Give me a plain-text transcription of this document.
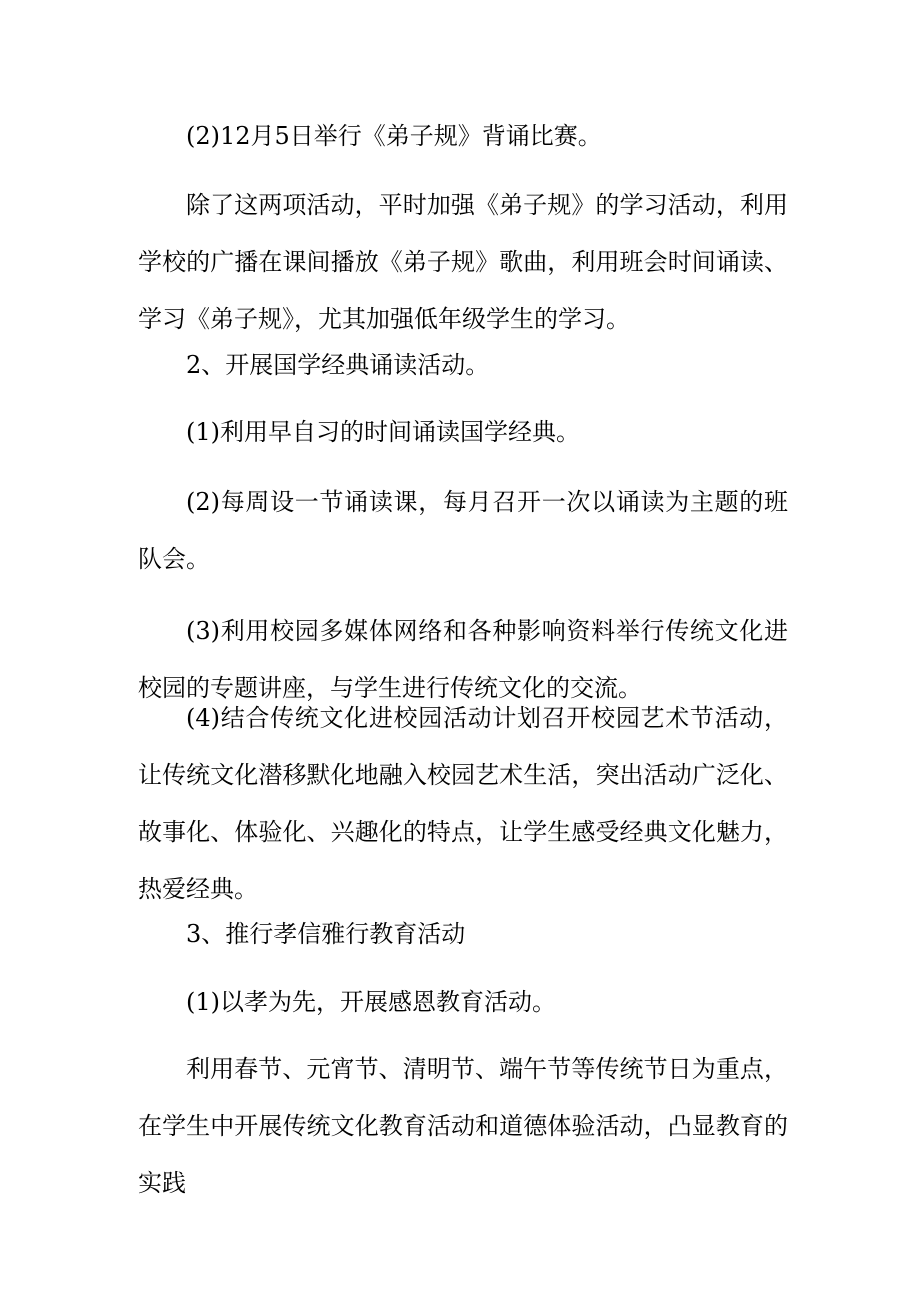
(2)12月5日举行《弟子规》背诵比赛。

除了这两项活动，平时加强《弟子规》的学习活动，利用学校的广播在课间播放《弟子规》歌曲，利用班会时间诵读、学习《弟子规》，尤其加强低年级学生的学习。

2、开展国学经典诵读活动。

(1)利用早自习的时间诵读国学经典。

(2)每周设一节诵读课，每月召开一次以诵读为主题的班队会。

(3)利用校园多媒体网络和各种影响资料举行传统文化进校园的专题讲座，与学生进行传统文化的交流。

(4)结合传统文化进校园活动计划召开校园艺术节活动，让传统文化潜移默化地融入校园艺术生活，突出活动广泛化、故事化、体验化、兴趣化的特点，让学生感受经典文化魅力，热爱经典。

3、推行孝信雅行教育活动

(1)以孝为先，开展感恩教育活动。

利用春节、元宵节、清明节、端午节等传统节日为重点，在学生中开展传统文化教育活动和道德体验活动，凸显教育的实践
